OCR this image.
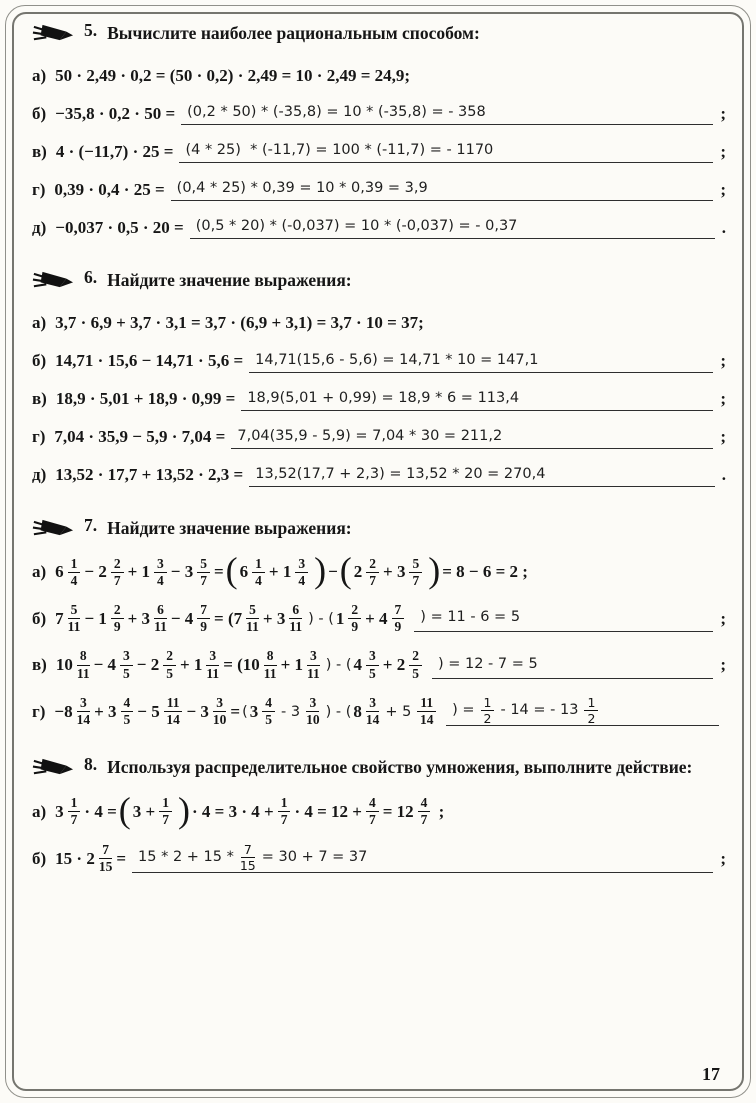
5. Вычислите наиболее рациональным способом:
а) 50 · 2,49 · 0,2 = (50 · 0,2) · 2,49 = 10 · 2,49 = 24,9;
б) −35,8 · 0,2 · 50 = (0,2 * 50) * (-35,8) = 10 * (-35,8) = - 358	;
в) 4 · (−11,7) · 25 = (4 * 25)  * (-11,7) = 100 * (-11,7) = - 1170	;
г) 0,39 · 0,4 · 25 = (0,4 * 25) * 0,39 = 10 * 0,39 = 3,9	;
д) −0,037 · 0,5 · 20 = (0,5 * 20) * (-0,037) = 10 * (-0,037) = - 0,37	.
6. Найдите значение выражения:
а) 3,7 · 6,9 + 3,7 · 3,1 = 3,7 · (6,9 + 3,1) = 3,7 · 10 = 37;
б) 14,71 · 15,6 − 14,71 · 5,6 = 14,71(15,6 - 5,6) = 14,71 * 10 = 147,1	;
в) 18,9 · 5,01 + 18,9 · 0,99 = 18,9(5,01 + 0,99) = 18,9 * 6 = 113,4	;
г) 7,04 · 35,9 − 5,9 · 7,04 = 7,04(35,9 - 5,9) = 7,04 * 30 = 211,2	;
д) 13,52 · 17,7 + 13,52 · 2,3 = 13,52(17,7 + 2,3) = 13,52 * 20 = 270,4	.
7. Найдите значение выражения:
а) $6 \frac{1}{4} - 2 \frac{2}{7} + 1 \frac{3}{4} - 3 \frac{5}{7}$ = ( $6 \frac{1}{4} + 1 \frac{3}{4}$ ) − ( $2 \frac{2}{7} + 3 \frac{5}{7}$ ) = 8 − 6 = 2 ;
б) $7 \frac{5}{11} - 1 \frac{2}{9} + 3 \frac{6}{11} - 4 \frac{7}{9}$ = ( $7 \frac{5}{11} + 3 \frac{6}{11}$ ) - ( $1 \frac{2}{9} + 4 \frac{7}{9}$ ) = 11 - 6 = 5	;
в) $10 \frac{8}{11} - 4 \frac{3}{5} - 2 \frac{2}{5} + 1 \frac{3}{11}$ = ( $10 \frac{8}{11} + 1 \frac{3}{11}$ ) - ( $4 \frac{3}{5} + 2 \frac{2}{5}$ ) = 12 - 7 = 5	;
$г) -8 \frac{3}{14} + 3 \frac{4}{5} - 5 \frac{11}{14} - 3 \frac{3}{10}$ = ( $3 \frac{4}{5} - 3 \frac{3}{10}$ ) - ( $8 \frac{3}{14} + 5 \frac{11}{14}$ ) = $\frac{1}{2} - 14$ = - $13 \frac{1}{2}$
8. Используя распределительное свойство умножения, выполните действие:
а) $3 \frac{1}{7} \cdot 4$ = ( $3 + \frac{1}{7}$ ) · $4 = 3 \cdot 4 + \frac{1}{7} \cdot 4 = 12 + \frac{4}{7} = 12 \frac{4}{7}$ ;
б) $15 \cdot 2 \frac{7}{15} = 15 * 2 + 15 * \frac{7}{15} = 30 + 7 = 37$	;
17
